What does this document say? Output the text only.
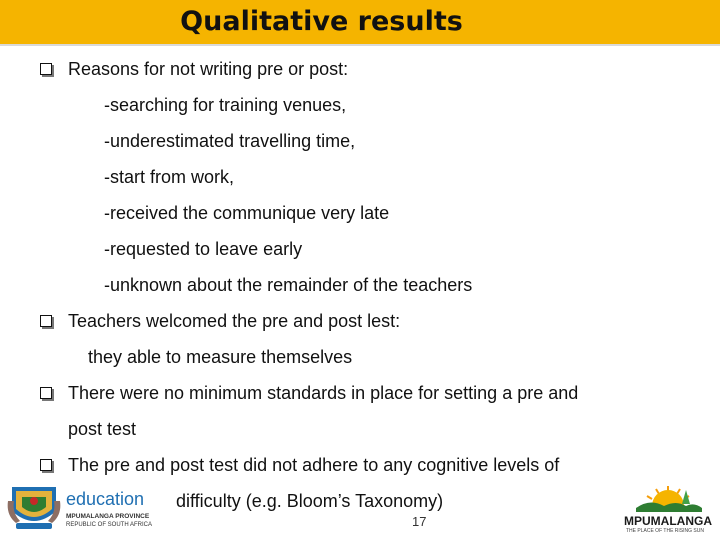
Qualitative results
Reasons for not writing pre or post:
-searching for training venues,
-underestimated travelling time,
-start from work,
-received the communique very late
-requested to leave early
-unknown about the remainder of the teachers
Teachers welcomed the pre and post lest:
they able to measure themselves
There were no minimum standards in place for setting a pre and
post test
The pre and post test did not adhere to any cognitive levels of
difficulty (e.g. Bloom’s Taxonomy)
education
MPUMALANGA PROVINCE
REPUBLIC OF SOUTH AFRICA	17	MPUMALANGA
THE PLACE OF THE RISING SUN
